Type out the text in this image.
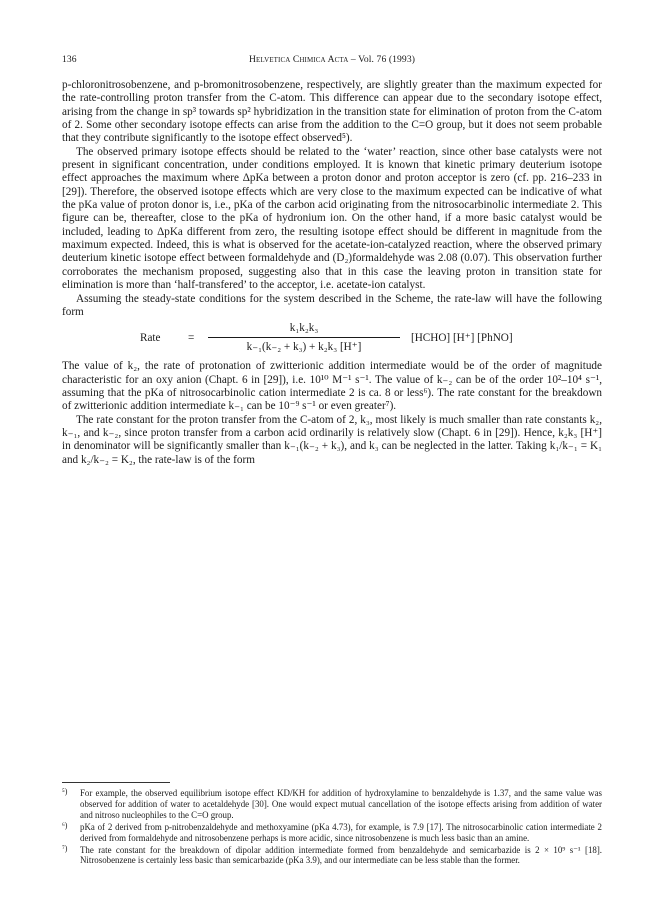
136	Helvetica Chimica Acta – Vol. 76 (1993)

p-chloronitrosobenzene, and p-bromonitrosobenzene, respectively, are slightly greater than the maximum expected for the rate-controlling proton transfer from the C-atom. This difference can appear due to the secondary isotope effect, arising from the change in sp³ towards sp² hybridization in the transition state for elimination of proton from the C-atom of 2. Some other secondary isotope effects can arise from the addition to the C=O group, but it does not seem probable that they contribute significantly to the isotope effect observed⁵).

The observed primary isotope effects should be related to the ‘water’ reaction, since other base catalysts were not present in significant concentration, under conditions employed. It is known that kinetic primary deuterium isotope effect approaches the maximum where ΔpKa between a proton donor and proton acceptor is zero (cf. pp. 216–233 in [29]). Therefore, the observed isotope effects which are very close to the maximum expected can be indicative of what the pKa value of proton donor is, i.e., pKa of the carbon acid originating from the nitrosocarbinolic intermediate 2. This figure can be, thereafter, close to the pKa of hydronium ion. On the other hand, if a more basic catalyst would be included, leading to ΔpKa different from zero, the resulting isotope effect should be different in magnitude from the maximum expected. Indeed, this is what is observed for the acetate-ion-catalyzed reaction, where the observed primary deuterium kinetic isotope effect between formaldehyde and (D₂)formaldehyde was 2.08 (0.07). This observation further corroborates the mechanism proposed, suggesting also that in this case the leaving proton in transition state for elimination is more than ‘half-transfered’ to the acceptor, i.e. acetate-ion catalyst.

Assuming the steady-state conditions for the system described in the Scheme, the rate-law will have the following form

Rate =
k₁k₂k₃
k₋₁(k₋₂ + k₃) + k₂k₃ [H⁺]
[HCHO] [H⁺] [PhNO]

The value of k₂, the rate of protonation of zwitterionic addition intermediate would be of the order of magnitude characteristic for an oxy anion (Chapt. 6 in [29]), i.e. 10¹⁰ M⁻¹ s⁻¹. The value of k₋₂ can be of the order 10²–10⁴ s⁻¹, assuming that the pKa of nitrosocarbinolic cation intermediate 2 is ca. 8 or less⁶). The rate constant for the breakdown of zwitterionic addition intermediate k₋₁ can be 10⁻⁹ s⁻¹ or even greater⁷).

The rate constant for the proton transfer from the C-atom of 2, k₃, most likely is much smaller than rate constants k₂, k₋₁, and k₋₂, since proton transfer from a carbon acid ordinarily is relatively slow (Chapt. 6 in [29]). Hence, k₂k₃ [H⁺] in denominator will be significantly smaller than k₋₁(k₋₂ + k₃), and k₃ can be neglected in the latter. Taking k₁/k₋₁ = K₁ and k₂/k₋₂ = K₂, the rate-law is of the form

⁵) For example, the observed equilibrium isotope effect KD/KH for addition of hydroxylamine to benzaldehyde is 1.37, and the same value was observed for addition of water to acetaldehyde [30]. One would expect mutual cancellation of the isotope effects arising from addition of water and nitroso nucleophiles to the C=O group.
⁶) pKa of 2 derived from p-nitrobenzaldehyde and methoxyamine (pKa 4.73), for example, is 7.9 [17]. The nitrosocarbinolic cation intermediate 2 derived from formaldehyde and nitrosobenzene perhaps is more acidic, since nitrosobenzene is much less basic than an amine.
⁷) The rate constant for the breakdown of dipolar addition intermediate formed from benzaldehyde and semicarbazide is 2 × 10⁹ s⁻¹ [18]. Nitrosobenzene is certainly less basic than semicarbazide (pKa 3.9), and our intermediate can be less stable than the former.
